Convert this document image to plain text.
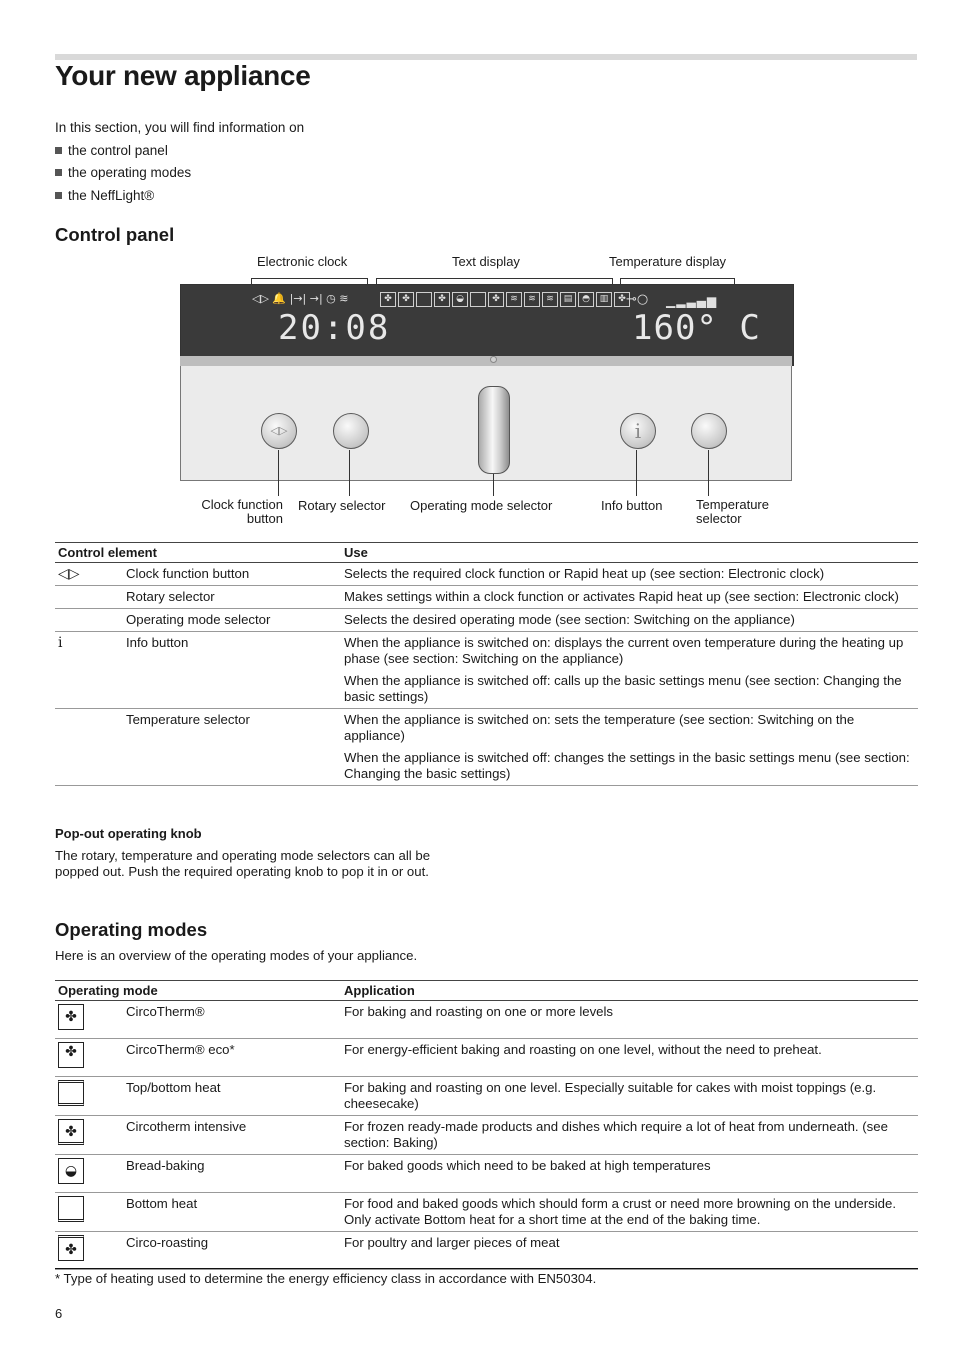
Your new appliance
In this section, you will find information on
the control panel
the operating modes
the NeffLight®
Control panel
Electronic clock	Text display	Temperature display
◁▷ 🔔 |→| →| ◷ ≋	✤ ✤	✤ ◒	✤ ≋ ≋ ≋ ▤ ◓ ▥ ✤ ⊸○ ▁▂▃▄▆
20:08	160° C
◁▷	i
Clock function
button
Rotary selector Operating mode selector	Info button	Temperature
selector
Control element		Use
◁▷	Clock function button	Selects the required clock function or Rapid heat up (see section: Electronic clock)
	Rotary selector	Makes settings within a clock function or activates Rapid heat up (see section: Electronic clock)
	Operating mode selector	Selects the desired operating mode (see section: Switching on the appliance)
i	Info button	When the appliance is switched on: displays the current oven temperature during the heating up phase (see section: Switching on the appliance)
When the appliance is switched off: calls up the basic settings menu (see section: Changing the basic settings)

	Temperature selector	When the appliance is switched on: sets the temperature (see section: Switching on the appliance)
When the appliance is switched off: changes the settings in the basic settings menu (see section: Changing the basic settings)
Pop-out operating knob

The rotary, temperature and operating mode selectors can all be popped out. Push the required operating knob to pop it in or out.

Operating modes

Here is an overview of the operating modes of your appliance.

Operating mode		Application
✤	CircoTherm®	For baking and roasting on one or more levels
✤	CircoTherm® eco*	For energy-efficient baking and roasting on one level, without the need to preheat.
	Top/bottom heat	For baking and roasting on one level. Especially suitable for cakes with moist toppings (e.g. cheesecake)
✤	Circotherm intensive	For frozen ready-made products and dishes which require a lot of heat from underneath. (see section: Baking)
◒	Bread-baking	For baked goods which need to be baked at high temperatures
	Bottom heat	For food and baked goods which should form a crust or need more browning on the underside. Only activate Bottom heat for a short time at the end of the baking time.
✤	Circo-roasting	For poultry and larger pieces of meat
* Type of heating used to determine the energy efficiency class in accordance with EN50304.
6
